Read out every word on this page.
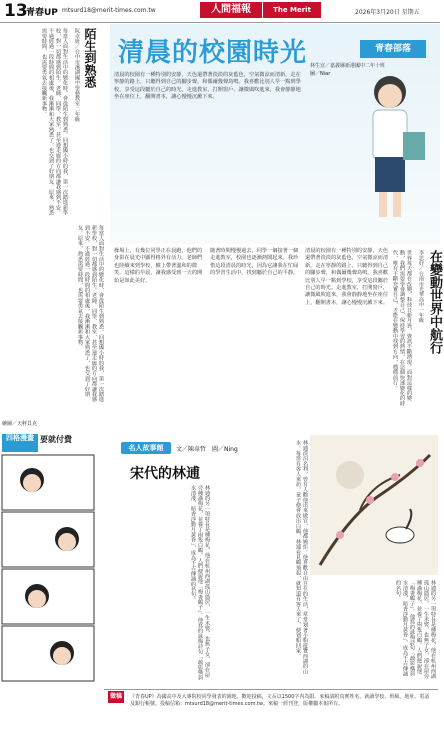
13
青春UP mtsurd18@merit-times.com.tw	人間福報	The Merit	2026年3月20日 星期五
陌生到熟悉
阮卓妍／台中市溪湖國中學藝教室二年級
每當人面對生活中的變化時，會從陌生到熟悉。回想國小時的我，第一次踏進新學校，對一切都感到陌生。老師、同學、教室，甚至連走廊的方向都讓我感到不安。不過經過一段時間的相處後，我漸漸和大家熟悉了，也交到了好朋友。原來，熟悉需要時間，也需要勇氣去接觸新事物。
每當人面對生活中的變化時，會從陌生到熟悉。回想國小時的我，第一次踏進新學校，對一切都感到陌生。老師、同學、教室，甚至連走廊的方向都讓我感到不安。不過經過一段時間的相處後，我漸漸和大家熟悉了，也交到了好朋友。原來，熟悉需要時間，也需要勇氣去接觸新事物。
清晨的校園時光	青春部落
林生宜／嘉義縣新港國中二年十班
圖／Niar
清晨的校園有一種特別的安靜，天色還帶著淡淡的灰藍色，空氣微涼而清新。走在寧靜的路上，只聽得到自己的腳步聲，和偶爾幾聲鳥鳴。我喜歡比別人早一點到學校，享受這段屬於自己的時光。走進教室，打開窗戶，讓微風吹進來，我會靜靜地坐在座位上，翻開書本，讓心慢慢沉澱下來。
操場上，有幾位同學正在晨跑，他們的身影在晨光中顯得格外有活力。老師們也陸續來到學校，臉上帶著溫和的微笑。這樣的早晨，讓我感受到一天的開始是如此美好。
隨著時間慢慢過去，同學一個接著一個走進教室，校園也逐漸熱鬧起來。我珍惜這段清晨的時光，因為它讓我在忙碌的學習生活中，找到屬於自己的平靜。
清晨的校園有一種特別的安靜，天色還帶著淡淡的灰藍色，空氣微涼而清新。走在寧靜的路上，只聽得到自己的腳步聲，和偶爾幾聲鳥鳴。我喜歡比別人早一點到學校，享受這段屬於自己的時光。走進教室，打開窗戶，讓微風吹進來，我會靜靜地坐在座位上，翻開書本，讓心慢慢沉澱下來。	在變動世界中航行
李思妤／台南市光華高中一年級
世界每天都在改變，科技日新月異，資訊不斷湧現。面對這樣的變動，我們需要學會調整自己，保持學習的熱情。在這個快速變化的時代，唯有不斷充實自己，才能在變動中找到方向，穩穩前行。
四格漫畫 要就付費
繪圖／天秤貝克
名人故事館	文／陳韋哲　圖／Ning
宋代的林逋
林逋的另一項特長是種梅花，他在杭州西湖孤山隱居，一生未娶，也無子女，卻在屋旁種滿梅花，並養了兩隻白鶴。人們便說他「梅妻鶴子」。他寫的詠梅詩句「疏影橫斜水清淺，暗香浮動月黃昏」，成為千古傳誦的名句。	林逋淡泊名利，曾有人勸他出來做官，他都婉拒。他喜歡自由自在的生活，常常划著小船遊覽西湖的山水。每當有客人來訪，童子便會放出白鶴，林逋看見鶴飛起，就知道有客人來了，便划船回家。	林逋的另一項特長是種梅花，他在杭州西湖孤山隱居，一生未娶，也無子女，卻在屋旁種滿梅花，並養了兩隻白鶴。人們便說他「梅妻鶴子」。他寫的詠梅詩句「疏影橫斜水清淺，暗香浮動月黃昏」，成為千古傳誦的名句。
《青春UP》為國高中及大專院校同學發表的園地，歡迎投稿，文長以1500字內為限。來稿請附真實姓名、就讀學校、班級、地址、電話及銀行帳號。投稿信箱：mtsurd18@merit-times.com.tw。來稿一經刊登，版權屬本報所有。
徵稿
